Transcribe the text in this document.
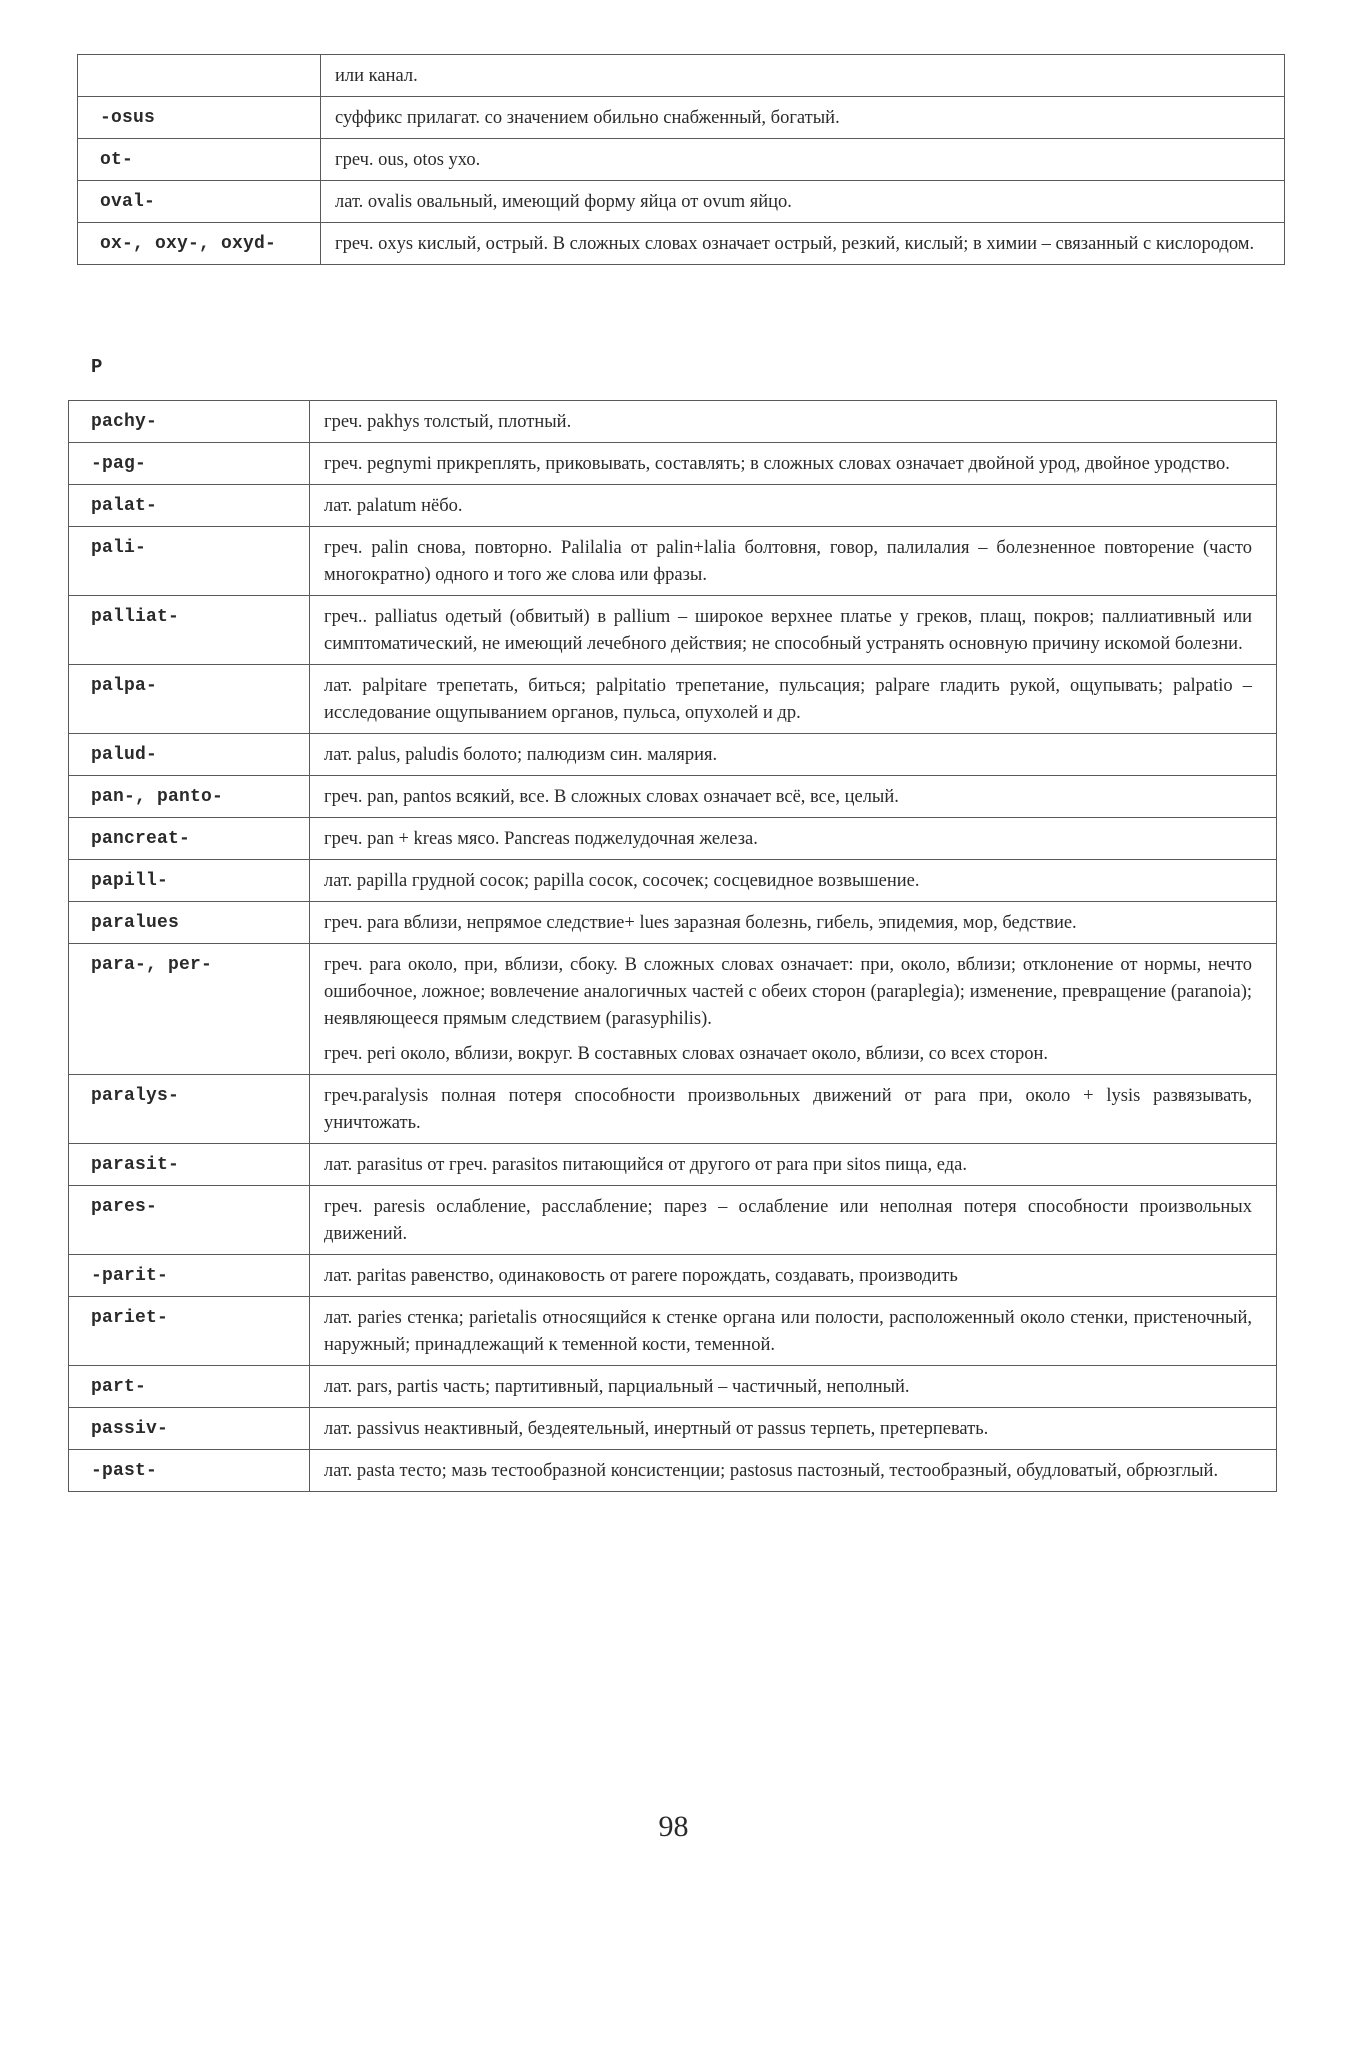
	или канал.

-osus	суффикс прилагат. со значением обильно снабженный, богатый.

ot-	греч. ous, otos ухо.

oval-	лат. ovalis овальный, имеющий форму яйца от ovum яйцо.

ox-, oxy-, oxyd-	греч. oxys кислый, острый. В сложных словах означает острый, резкий, кислый; в химии – связанный с кислородом.

P
pachy-	греч. pakhys толстый, плотный.

-pag-	греч. pegnymi прикреплять, приковывать, составлять; в сложных словах означает двойной урод, двойное уродство.

palat-	лат. palatum нёбо.

pali-	греч. palin снова, повторно. Palilalia от palin+lalia болтовня, говор, палилалия – болезненное повторение (часто многократно) одного и того же слова или фразы.

palliat-	греч.. palliatus одетый (обвитый) в pallium – широкое верхнее платье у греков, плащ, покров; паллиативный или симптоматический, не имеющий лечебного действия; не способный устранять основную причину искомой болезни.

palpa-	лат. palpitare трепетать, биться; palpitatio трепетание, пульсация; palpare гладить рукой, ощупывать; palpatio – исследование ощупыванием органов, пульса, опухолей и др.

palud-	лат. palus, paludis болото; палюдизм син. малярия.

pan-, panto-	греч. pan, pantos всякий, все. В сложных словах означает всё, все, целый.

pancreat-	греч. pan + kreas мясо. Pancreas поджелудочная железа.

papill-	лат. papilla грудной сосок; papilla сосок, сосочек; сосцевидное возвышение.

paralues	греч. para вблизи, непрямое следствие+ lues заразная болезнь, гибель, эпидемия, мор, бедствие.

para-, per-	греч. para около, при, вблизи, сбоку. В сложных словах означает: при, около, вблизи; отклонение от нормы, нечто ошибочное, ложное; вовлечение аналогичных частей с обеих сторон (paraplegia); изменение, превращение (paranoia); неявляющееся прямым следствием (parasyphilis).

греч. peri около, вблизи, вокруг. В составных словах означает около, вблизи, со всех сторон.

paralys-	греч.paralysis полная потеря способности произвольных движений от para при, около + lysis развязывать, уничтожать.

parasit-	лат. parasitus от греч. parasitos питающийся от другого от para при sitos пища, еда.

pares-	греч. paresis ослабление, расслабление; парез – ослабление или неполная потеря способности произвольных движений.

-parit-	лат. paritas равенство, одинаковость от parere порождать, создавать, производить

pariet-	лат. paries стенка; parietalis относящийся к стенке органа или полости, расположенный около стенки, пристеночный, наружный; принадлежащий к теменной кости, теменной.

part-	лат. pars, partis часть; партитивный, парциальный – частичный, неполный.

passiv-	лат. passivus неактивный, бездеятельный, инертный от passus терпеть, претерпевать.

-past-	лат. pasta тесто; мазь тестообразной консистенции; pastosus пастозный, тестообразный, обудловатый, обрюзглый.

98
